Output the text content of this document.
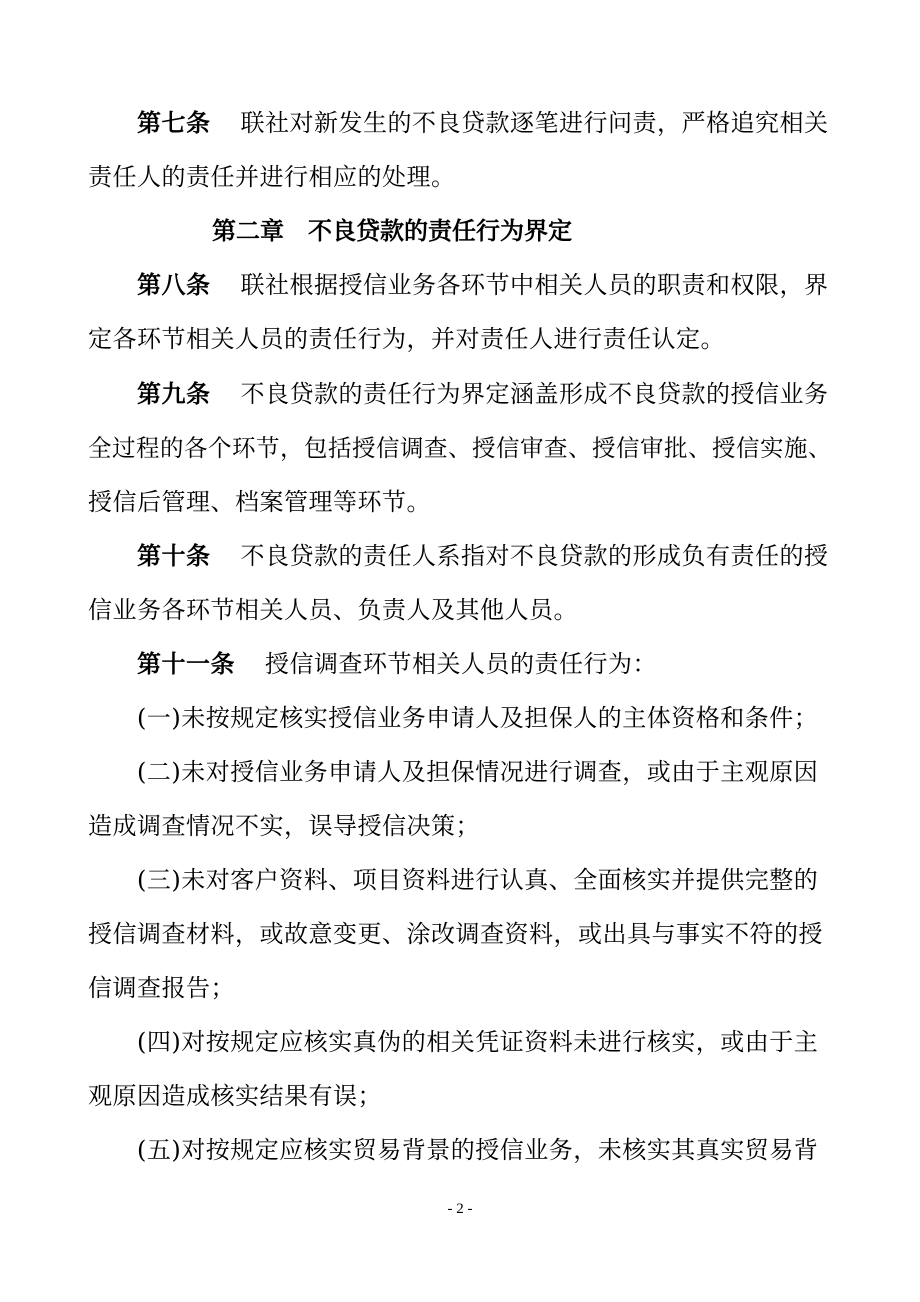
第七条 联社对新发生的不良贷款逐笔进行问责，严格追究相关
责任人的责任并进行相应的处理。
第二章 不良贷款的责任行为界定
第八条 联社根据授信业务各环节中相关人员的职责和权限，界
定各环节相关人员的责任行为，并对责任人进行责任认定。
第九条 不良贷款的责任行为界定涵盖形成不良贷款的授信业务
全过程的各个环节，包括授信调查、授信审查、授信审批、授信实施、
授信后管理、档案管理等环节。
第十条 不良贷款的责任人系指对不良贷款的形成负有责任的授
信业务各环节相关人员、负责人及其他人员。
第十一条 授信调查环节相关人员的责任行为：
(一)未按规定核实授信业务申请人及担保人的主体资格和条件；
(二)未对授信业务申请人及担保情况进行调查，或由于主观原因
造成调查情况不实，误导授信决策；
(三)未对客户资料、项目资料进行认真、全面核实并提供完整的
授信调查材料，或故意变更、涂改调查资料，或出具与事实不符的授
信调查报告；
(四)对按规定应核实真伪的相关凭证资料未进行核实，或由于主
观原因造成核实结果有误；
(五)对按规定应核实贸易背景的授信业务，未核实其真实贸易背
- 2 -
